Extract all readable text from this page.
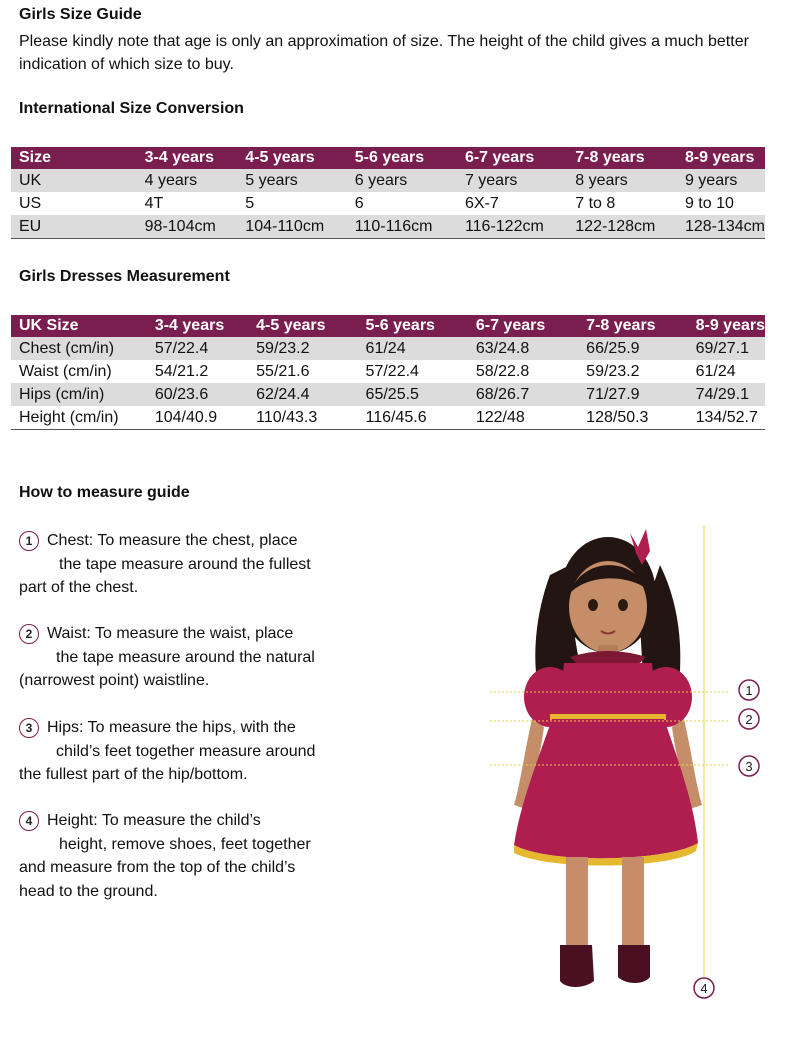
Girls Size Guide
Please kindly note that age is only an approximation of size. The height of the child gives a much better indication of which size to buy.
International Size Conversion
Size	3-4 years	4-5 years	5-6 years	6-7 years	7-8 years	8-9 years
UK	4 years	5 years	6 years	7 years	8 years	9 years
US	4T	5	6	6X-7	7 to 8	9 to 10
EU	98-104cm	104-110cm	110-116cm	116-122cm	122-128cm	128-134cm
Girls Dresses Measurement
UK Size	3-4 years	4-5 years	5-6 years	6-7 years	7-8 years	8-9 years
Chest (cm/in)	57/22.4	59/23.2	61/24	63/24.8	66/25.9	69/27.1
Waist (cm/in)	54/21.2	55/21.6	57/22.4	58/22.8	59/23.2	61/24
Hips (cm/in)	60/23.6	62/24.4	65/25.5	68/26.7	71/27.9	74/29.1
Height (cm/in)	104/40.9	110/43.3	116/45.6	122/48	128/50.3	134/52.7
How to measure guide
1 Chest: To measure the chest, place
the tape measure around the fullest
part of the chest.
2 Waist: To measure the waist, place
the tape measure around the natural
(narrowest point) waistline.
3 Hips: To measure the hips, with the
child’s feet together measure around
the fullest part of the hip/bottom.
4 Height: To measure the child’s
height, remove shoes, feet together
and measure from the top of the child’s
head to the ground.
1
2
3
4
